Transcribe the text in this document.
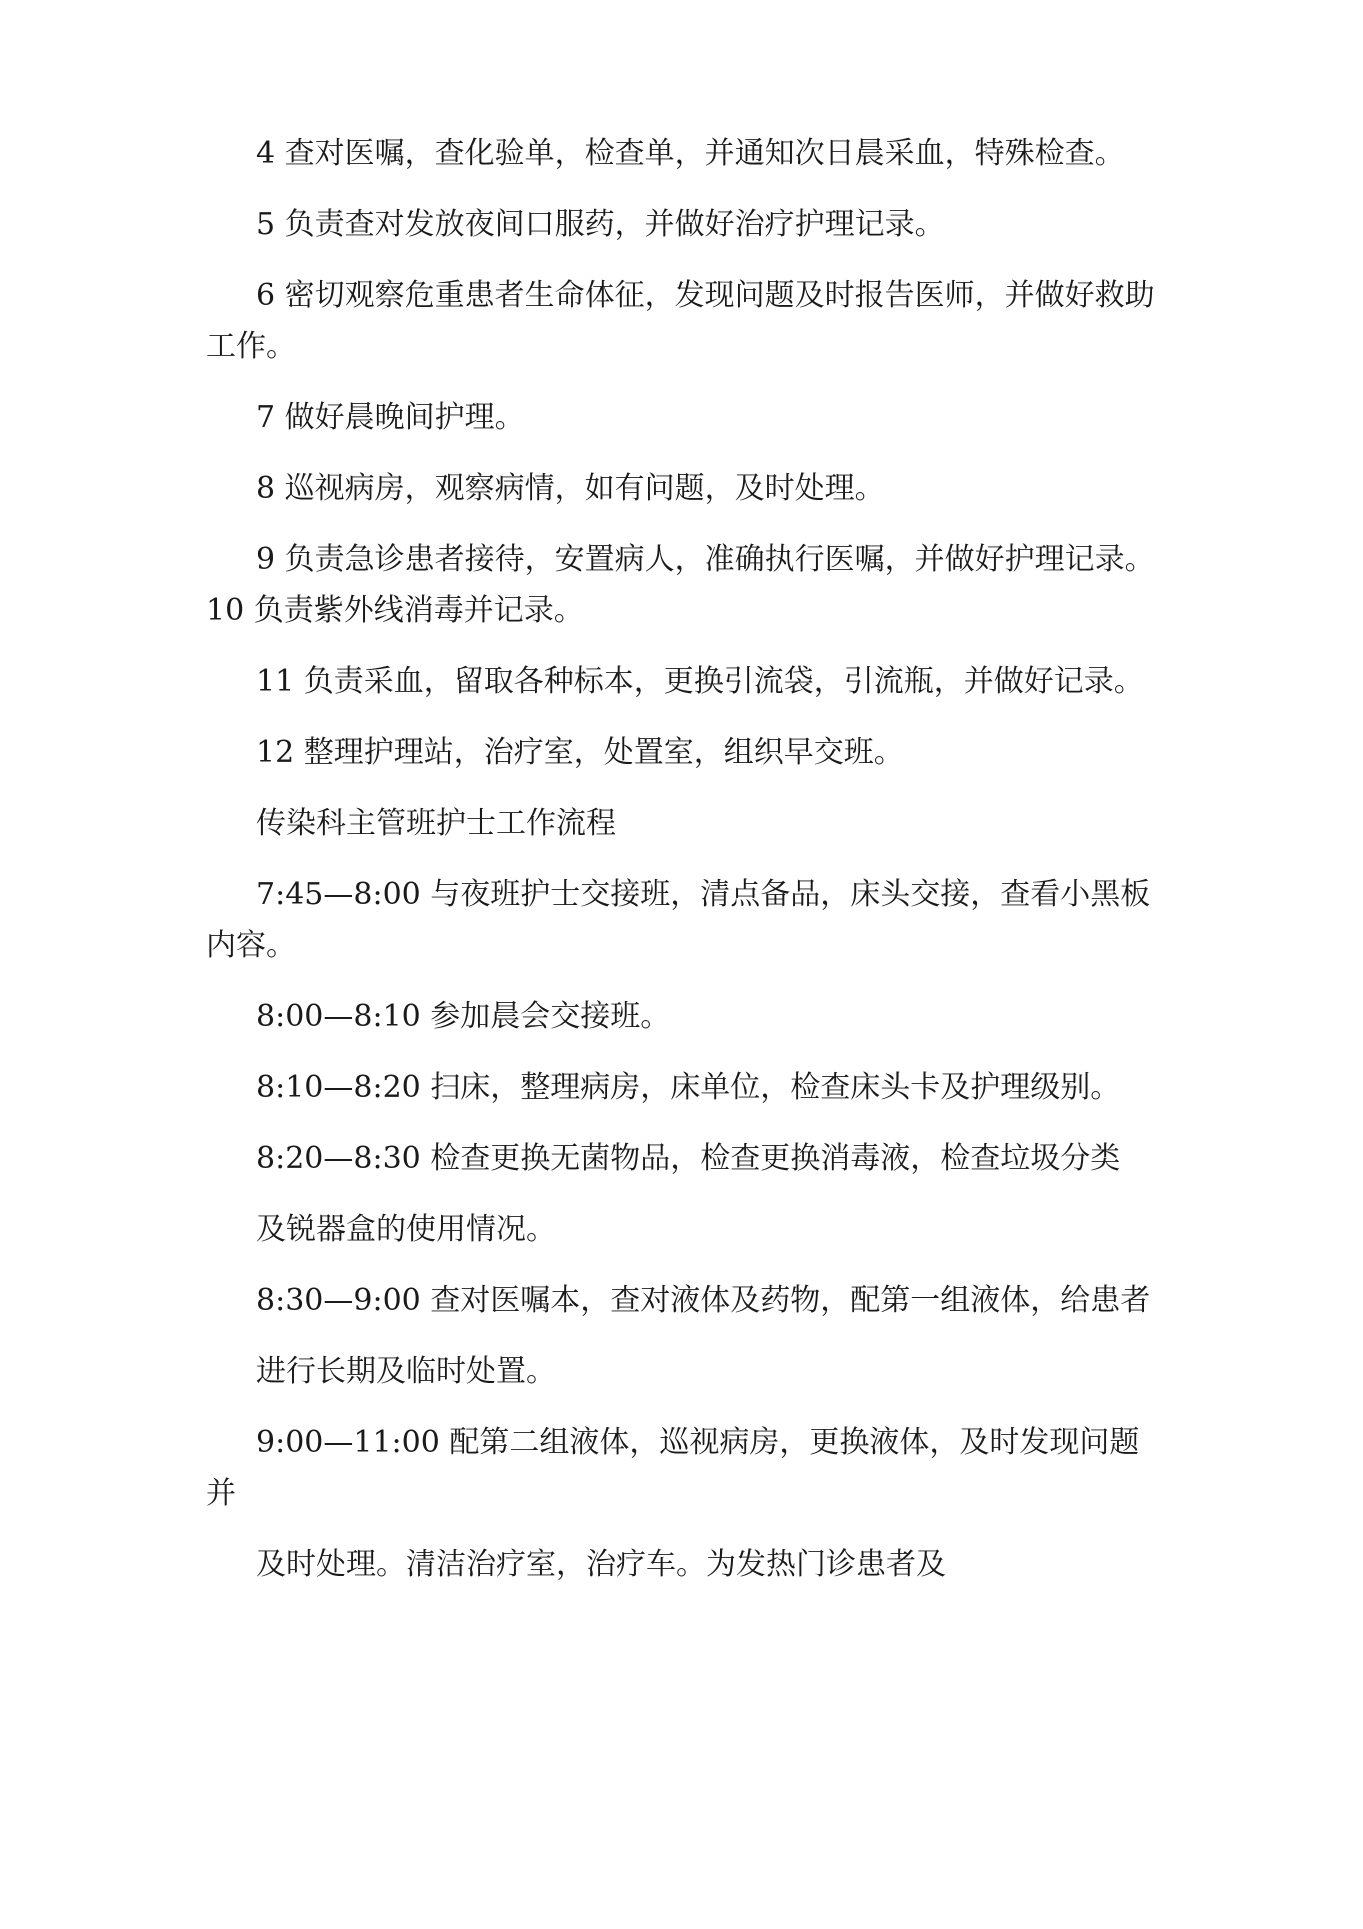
4 查对医嘱，查化验单，检查单，并通知次日晨采血，特殊检查。

5 负责查对发放夜间口服药，并做好治疗护理记录。

6 密切观察危重患者生命体征，发现问题及时报告医师，并做好救助工作。

7 做好晨晚间护理。

8 巡视病房，观察病情，如有问题，及时处理。

9 负责急诊患者接待，安置病人，准确执行医嘱，并做好护理记录。10 负责紫外线消毒并记录。

11 负责采血，留取各种标本，更换引流袋，引流瓶，并做好记录。

12 整理护理站，治疗室，处置室，组织早交班。

传染科主管班护士工作流程

7:45—8:00 与夜班护士交接班，清点备品，床头交接，查看小黑板内容。

8:00—8:10 参加晨会交接班。

8:10—8:20 扫床，整理病房，床单位，检查床头卡及护理级别。

8:20—8:30 检查更换无菌物品，检查更换消毒液，检查垃圾分类

及锐器盒的使用情况。

8:30—9:00 查对医嘱本，查对液体及药物，配第一组液体，给患者

进行长期及临时处置。

9:00—11:00 配第二组液体，巡视病房，更换液体，及时发现问题并

及时处理。清洁治疗室，治疗车。为发热门诊患者及
